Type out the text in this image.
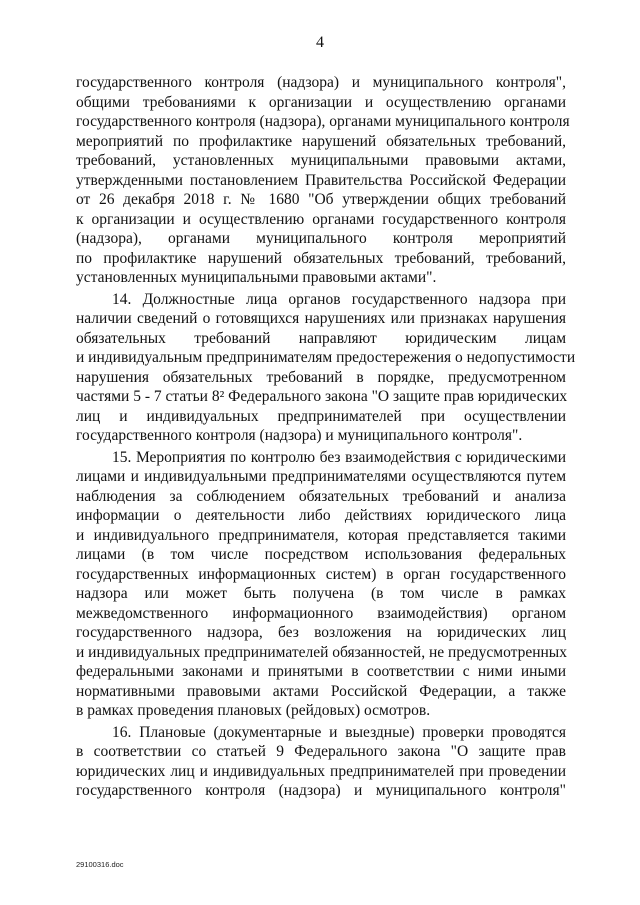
4
государственного контроля (надзора) и муниципального контроля",
общими требованиями к организации и осуществлению органами
государственного контроля (надзора), органами муниципального контроля
мероприятий по профилактике нарушений обязательных требований,
требований, установленных муниципальными правовыми актами,
утвержденными постановлением Правительства Российской Федерации
от 26 декабря 2018 г. № 1680 "Об утверждении общих требований
к организации и осуществлению органами государственного контроля
(надзора), органами муниципального контроля мероприятий
по профилактике нарушений обязательных требований, требований,
установленных муниципальными правовыми актами".
14. Должностные лица органов государственного надзора при
наличии сведений о готовящихся нарушениях или признаках нарушения
обязательных требований направляют юридическим лицам
и индивидуальным предпринимателям предостережения о недопустимости
нарушения обязательных требований в порядке, предусмотренном
частями 5 - 7 статьи 8² Федерального закона "О защите прав юридических
лиц и индивидуальных предпринимателей при осуществлении
государственного контроля (надзора) и муниципального контроля".
15. Мероприятия по контролю без взаимодействия с юридическими
лицами и индивидуальными предпринимателями осуществляются путем
наблюдения за соблюдением обязательных требований и анализа
информации о деятельности либо действиях юридического лица
и индивидуального предпринимателя, которая представляется такими
лицами (в том числе посредством использования федеральных
государственных информационных систем) в орган государственного
надзора или может быть получена (в том числе в рамках
межведомственного информационного взаимодействия) органом
государственного надзора, без возложения на юридических лиц
и индивидуальных предпринимателей обязанностей, не предусмотренных
федеральными законами и принятыми в соответствии с ними иными
нормативными правовыми актами Российской Федерации, а также
в рамках проведения плановых (рейдовых) осмотров.
16. Плановые (документарные и выездные) проверки проводятся
в соответствии со статьей 9 Федерального закона "О защите прав
юридических лиц и индивидуальных предпринимателей при проведении
государственного контроля (надзора) и муниципального контроля"
29100316.doc
